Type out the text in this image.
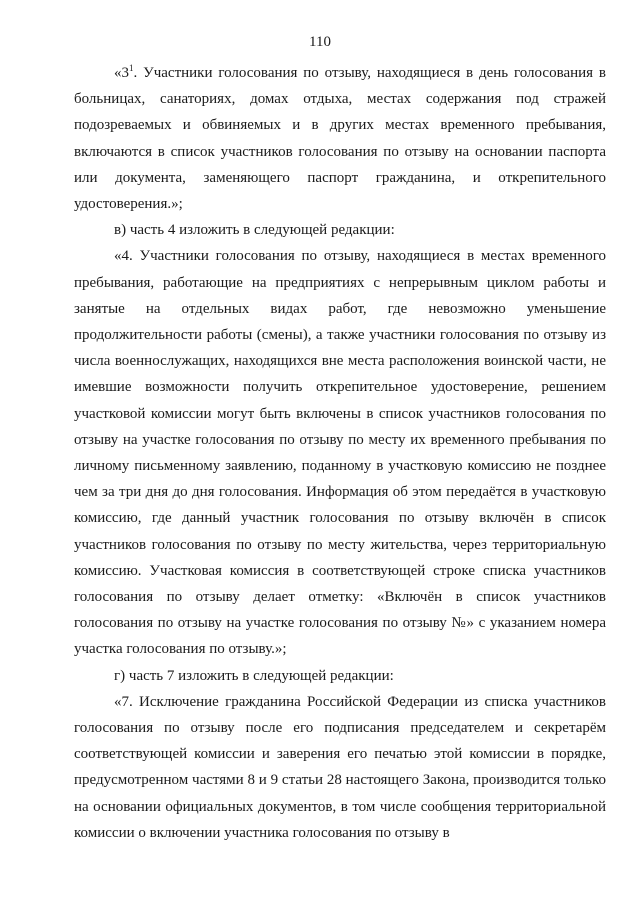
110

«$3^1$. Участники голосования по отзыву, находящиеся в день голосования в больницах, санаториях, домах отдыха, местах содержания под стражей подозреваемых и обвиняемых и в других местах временного пребывания, включаются в список участников голосования по отзыву на основании паспорта или документа, заменяющего паспорт гражданина, и открепительного удостоверения.»;

в) часть 4 изложить в следующей редакции:

«4. Участники голосования по отзыву, находящиеся в местах временного пребывания, работающие на предприятиях с непрерывным циклом работы и занятые на отдельных видах работ, где невозможно уменьшение продолжительности работы (смены), а также участники голосования по отзыву из числа военнослужащих, находящихся вне места расположения воинской части, не имевшие возможности получить открепительное удостоверение, решением участковой комиссии могут быть включены в список участников голосования по отзыву на участке голосования по отзыву по месту их временного пребывания по личному письменному заявлению, поданному в участковую комиссию не позднее чем за три дня до дня голосования. Информация об этом передаётся в участковую комиссию, где данный участник голосования по отзыву включён в список участников голосования по отзыву по месту жительства, через территориальную комиссию. Участковая комиссия в соответствующей строке списка участников голосования по отзыву делает отметку: «Включён в список участников голосования по отзыву на участке голосования по отзыву №» с указанием номера участка голосования по отзыву.»;

г) часть 7 изложить в следующей редакции:

«7. Исключение гражданина Российской Федерации из списка участников голосования по отзыву после его подписания председателем и секретарём соответствующей комиссии и заверения его печатью этой комиссии в порядке, предусмотренном частями 8 и 9 статьи 28 настоящего Закона, производится только на основании официальных документов, в том числе сообщения территориальной комиссии о включении участника голосования по отзыву в
